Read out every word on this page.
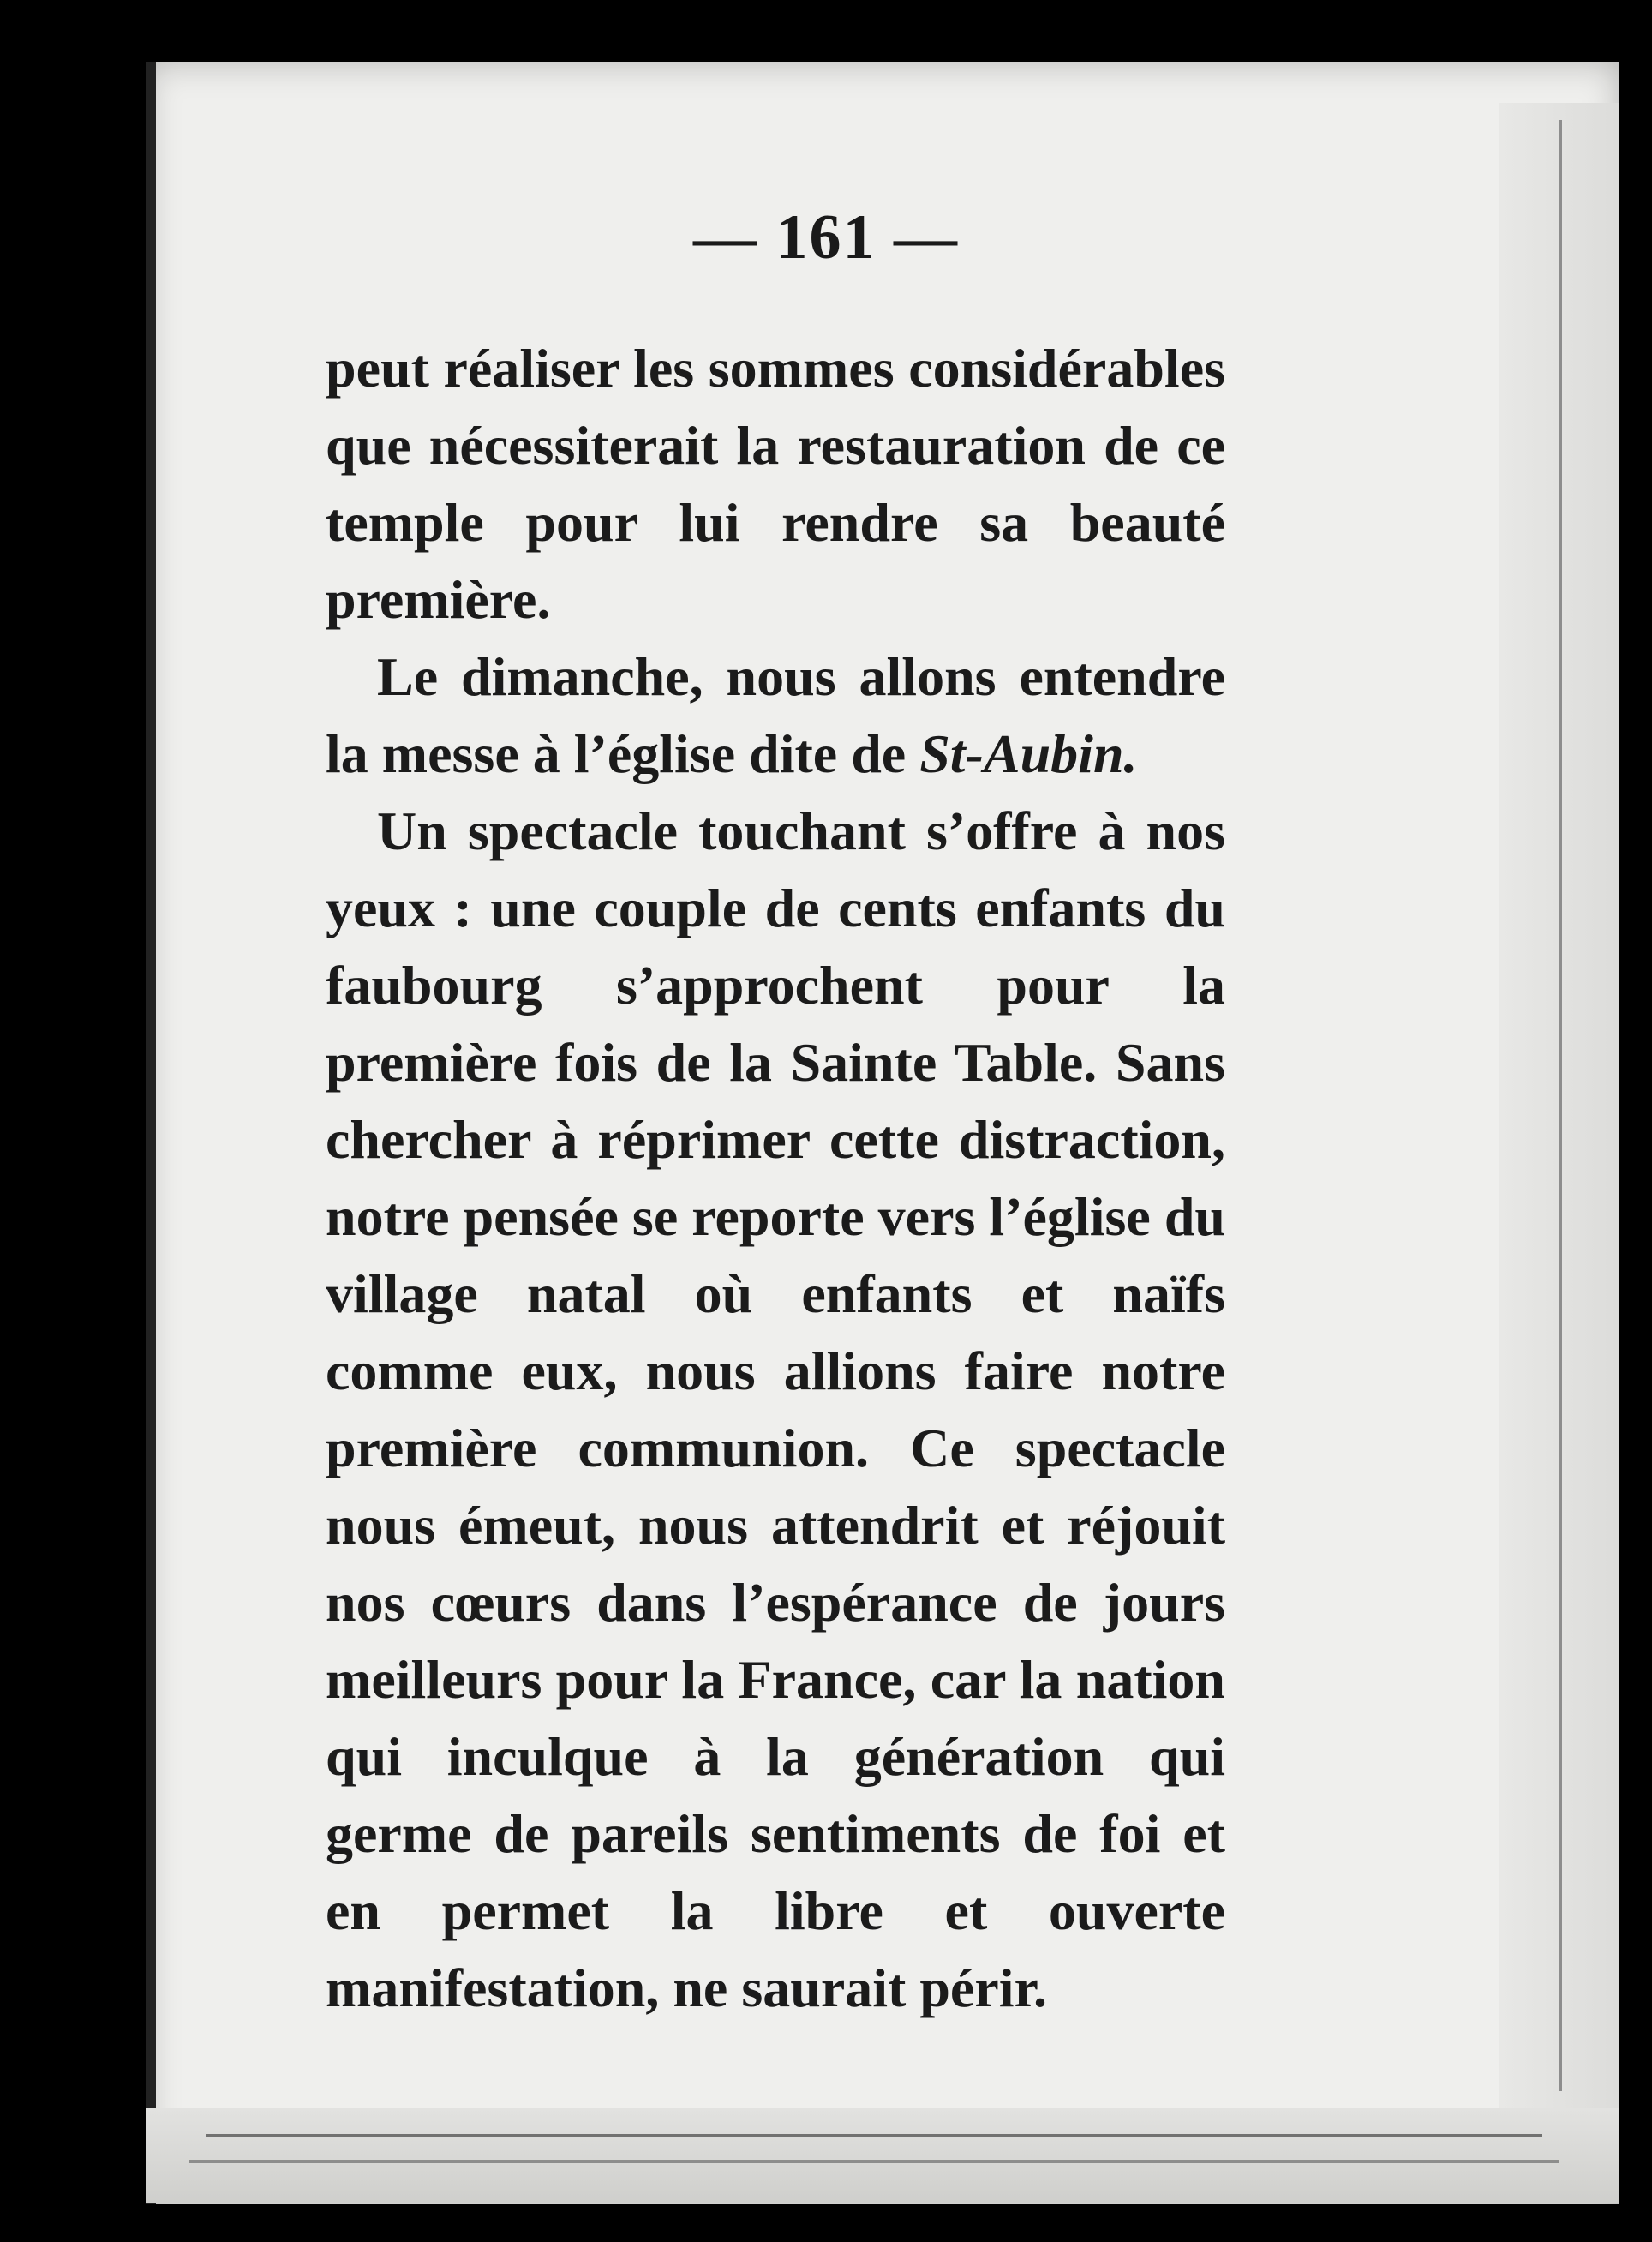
— 161 —

peut réaliser les sommes considérables que nécessiterait la restauration de ce temple pour lui rendre sa beauté première.

Le dimanche, nous allons entendre la messe à l’église dite de St-Aubin.

Un spectacle touchant s’offre à nos yeux : une couple de cents enfants du faubourg s’approchent pour la première fois de la Sainte Table. Sans chercher à réprimer cette distraction, notre pensée se reporte vers l’église du village natal où enfants et naïfs comme eux, nous allions faire notre première communion. Ce spectacle nous émeut, nous attendrit et réjouit nos cœurs dans l’espérance de jours meilleurs pour la France, car la nation qui inculque à la génération qui germe de pareils sentiments de foi et en permet la libre et ouverte manifestation, ne saurait périr.
